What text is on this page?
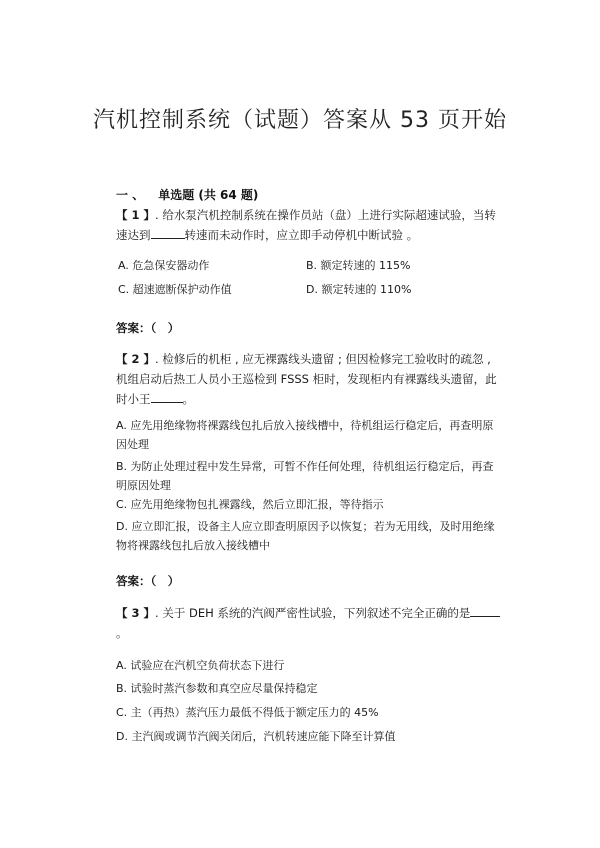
汽机控制系统（试题）答案从 53 页开始
一 、 单选题 (共 64 题)
【 1 】. 给水泵汽机控制系统在操作员站（盘）上进行实际超速试验，当转速达到	转速而未动作时，应立即手动停机中断试验 。
A. 危急保安器动作	B. 额定转速的 115%
C. 超速遮断保护动作值	D. 额定转速的 110%
答案：（　）
【 2 】. 检修后的机柜 , 应无裸露线头遗留 ; 但因检修完工验收时的疏忽 , 机组启动后热工人员小王巡检到 FSSS 柜时，发现柜内有裸露线头遗留，此时小王	。
A. 应先用绝缘物将裸露线包扎后放入接线槽中，待机组运行稳定后，再查明原因处理
B. 为防止处理过程中发生异常，可暂不作任何处理，待机组运行稳定后，再查明原因处理
C. 应先用绝缘物包扎裸露线，然后立即汇报，等待指示
D. 应立即汇报，设备主人应立即查明原因予以恢复；若为无用线，及时用绝缘物将裸露线包扎后放入接线槽中
答案：（　）
【 3 】. 关于 DEH 系统的汽阀严密性试验，下列叙述不完全正确的是。
A. 试验应在汽机空负荷状态下进行
B. 试验时蒸汽参数和真空应尽量保持稳定
C. 主（再热）蒸汽压力最低不得低于额定压力的 45%
D. 主汽阀或调节汽阀关闭后，汽机转速应能下降至计算值
